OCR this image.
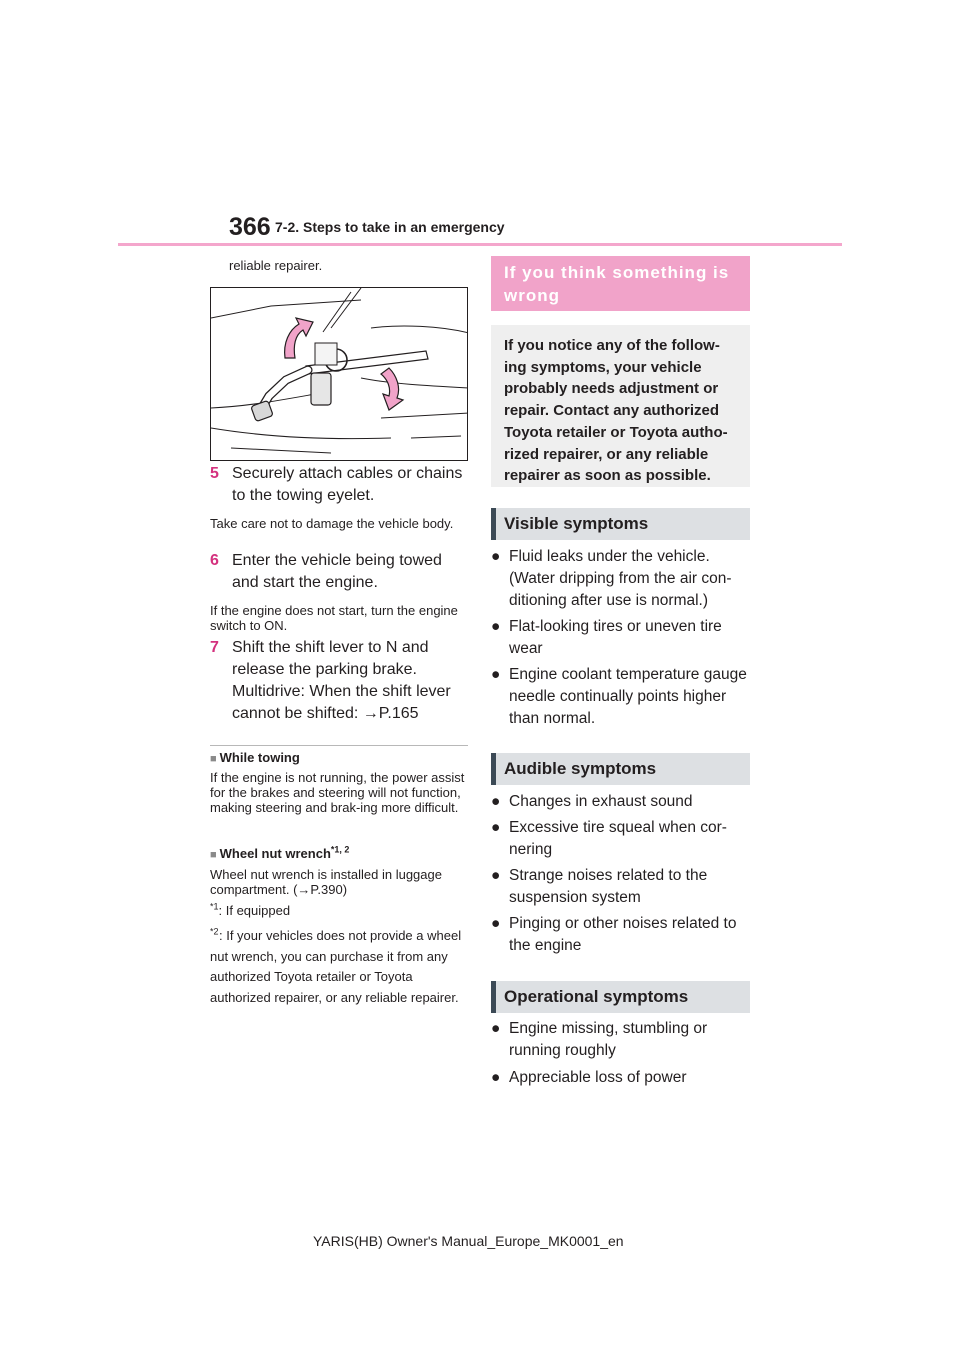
366 7-2. Steps to take in an emergency
reliable repairer.
5 Securely attach cables or chains to the towing eyelet.
Take care not to damage the vehicle body.
6 Enter the vehicle being towed and start the engine.
If the engine does not start, turn the engine switch to ON.
7 Shift the shift lever to N and release the parking brake.
Multidrive: When the shift lever cannot be shifted: →P.165
■ While towing
If the engine is not running, the power assist for the brakes and steering will not function, making steering and brak-ing more difficult.
■ Wheel nut wrench$^{*1, 2}$
Wheel nut wrench is installed in luggage compartment. (→P.390)
$^{*1}$: If equipped
$^{*2}$ : If your vehicles does not provide a wheel nut wrench, you can purchase it from any authorized Toyota retailer or Toyota authorized repairer, or any reliable repairer.
If you think something is wrong
If you notice any of the follow-ing symptoms, your vehicle probably needs adjustment or repair. Contact any authorized Toyota retailer or Toyota autho-rized repairer, or any reliable repairer as soon as possible.
Visible symptoms
● Fluid leaks under the vehicle. (Water dripping from the air con-ditioning after use is normal.)
● Flat-looking tires or uneven tire wear
● Engine coolant temperature gauge needle continually points higher than normal.
Audible symptoms
● Changes in exhaust sound
● Excessive tire squeal when cor-nering
● Strange noises related to the suspension system
● Pinging or other noises related to the engine
Operational symptoms
● Engine missing, stumbling or running roughly
● Appreciable loss of power
YARIS(HB) Owner's Manual_Europe_MK0001_en
